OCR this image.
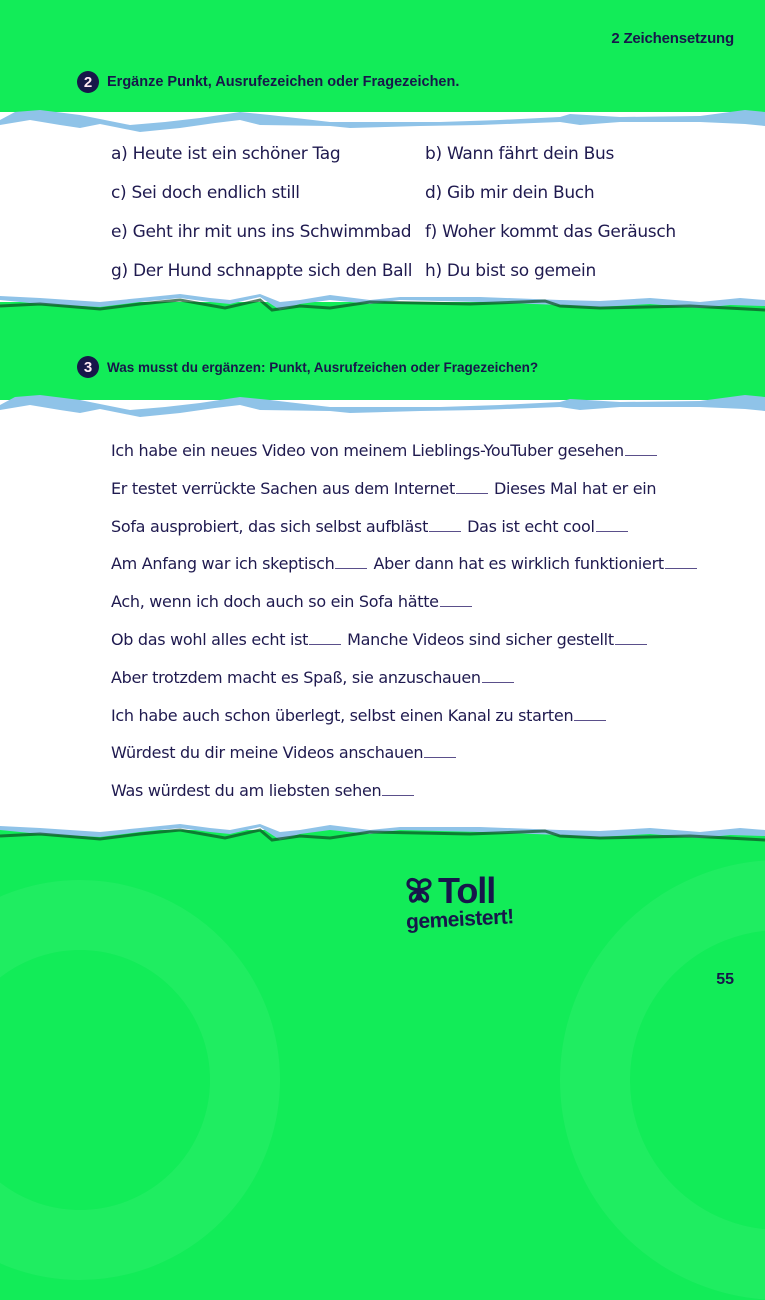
2 Zeichensetzung
2	Ergänze Punkt, Ausrufezeichen oder Fragezeichen.
a) Heute ist ein schöner Tag	b) Wann fährt dein Bus
c) Sei doch endlich still	d) Gib mir dein Buch
e) Geht ihr mit uns ins Schwimmbad f) Woher kommt das Geräusch
g) Der Hund schnappte sich den Ball h) Du bist so gemein
3	Was musst du ergänzen: Punkt, Ausrufzeichen oder Fragezeichen?
Ich habe ein neues Video von meinem Lieblings-YouTuber gesehen
Er testet verrückte Sachen aus dem Internet Dieses Mal hat er ein
Sofa ausprobiert, das sich selbst aufbläst Das ist echt cool
Am Anfang war ich skeptisch Aber dann hat es wirklich funktioniert
Ach, wenn ich doch auch so ein Sofa hätte
Ob das wohl alles echt ist Manche Videos sind sicher gestellt
Aber trotzdem macht es Spaß, sie anzuschauen
Ich habe auch schon überlegt, selbst einen Kanal zu starten
Würdest du dir meine Videos anschauen
Was würdest du am liebsten sehen
Toll
gemeistert!
55
